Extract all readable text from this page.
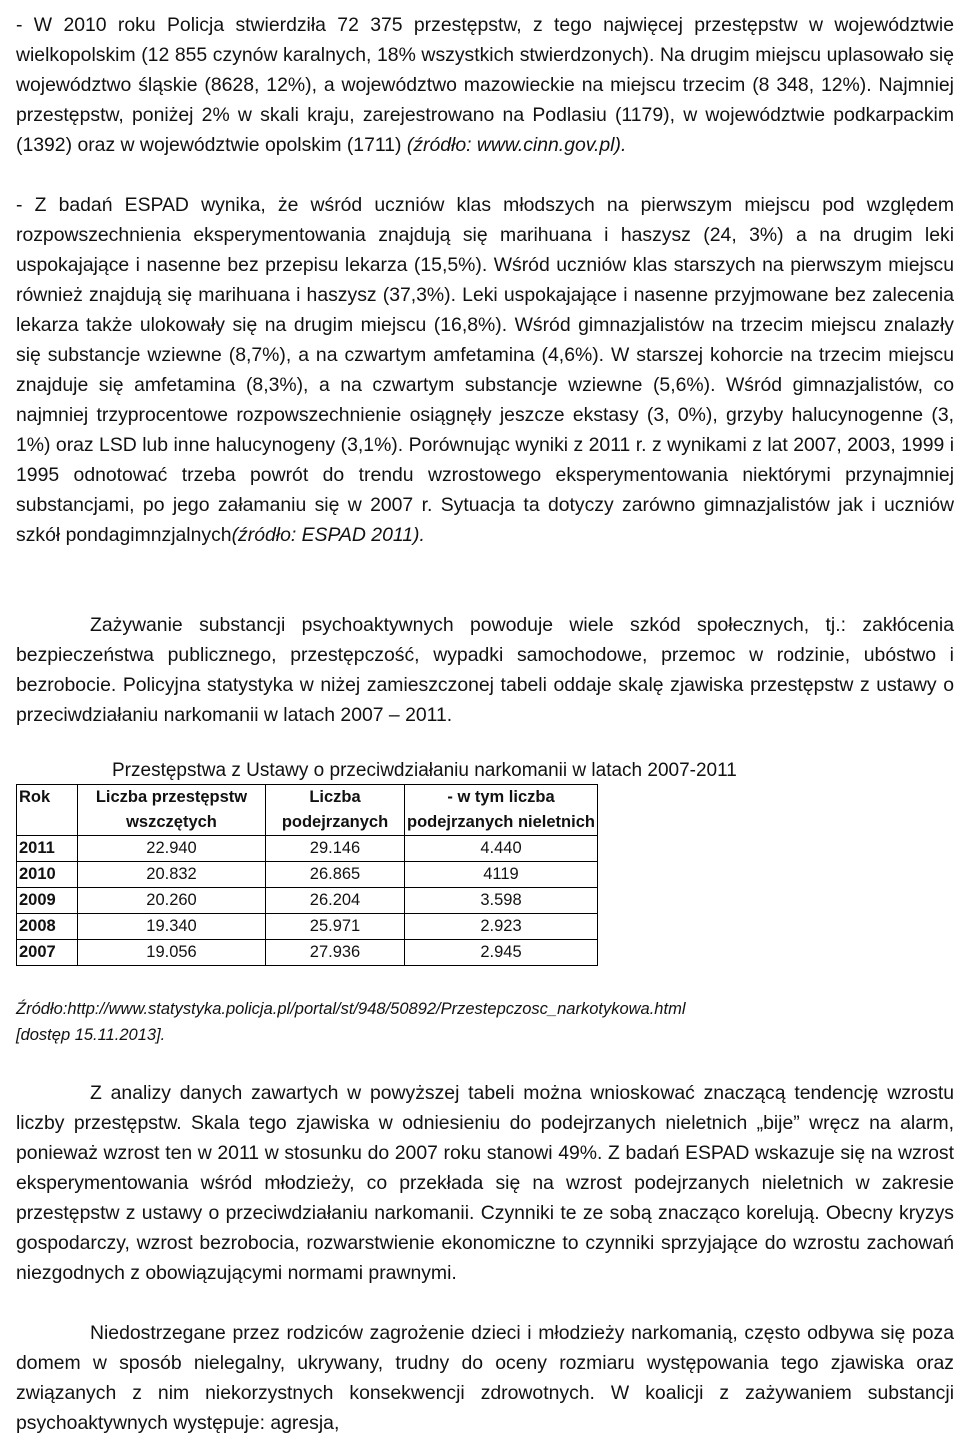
- W 2010 roku Policja stwierdziła 72 375 przestępstw, z tego najwięcej przestępstw w województwie wielkopolskim (12 855 czynów karalnych, 18% wszystkich stwierdzonych). Na drugim miejscu uplasowało się województwo śląskie (8628, 12%), a województwo mazowieckie na miejscu trzecim (8 348, 12%). Najmniej przestępstw, poniżej 2% w skali kraju, zarejestrowano na Podlasiu (1179), w województwie podkarpackim (1392) oraz w województwie opolskim (1711) (źródło: www.cinn.gov.pl).

- Z badań ESPAD wynika, że wśród uczniów klas młodszych na pierwszym miejscu pod względem rozpowszechnienia eksperymentowania znajdują się marihuana i haszysz (24, 3%) a na drugim leki uspokajające i nasenne bez przepisu lekarza (15,5%). Wśród uczniów klas starszych na pierwszym miejscu również znajdują się marihuana i haszysz (37,3%). Leki uspokajające i nasenne przyjmowane bez zalecenia lekarza także ulokowały się na drugim miejscu (16,8%). Wśród gimnazjalistów na trzecim miejscu znalazły się substancje wziewne (8,7%), a na czwartym amfetamina (4,6%). W starszej kohorcie na trzecim miejscu znajduje się amfetamina (8,3%), a na czwartym substancje wziewne (5,6%). Wśród gimnazjalistów, co najmniej trzyprocentowe rozpowszechnienie osiągnęły jeszcze ekstasy (3, 0%), grzyby halucynogenne (3, 1%) oraz LSD lub inne halucynogeny (3,1%). Porównując wyniki z 2011 r. z wynikami z lat 2007, 2003, 1999 i 1995 odnotować trzeba powrót do trendu wzrostowego eksperymentowania niektórymi przynajmniej substancjami, po jego załamaniu się w 2007 r. Sytuacja ta dotyczy zarówno gimnazjalistów jak i uczniów szkół pondagimnzjalnych(źródło: ESPAD 2011).

Zażywanie substancji psychoaktywnych powoduje wiele szkód społecznych, tj.: zakłócenia bezpieczeństwa publicznego, przestępczość, wypadki samochodowe, przemoc w rodzinie, ubóstwo i bezrobocie. Policyjna statystyka w niżej zamieszczonej tabeli oddaje skalę zjawiska przestępstw z ustawy o przeciwdziałaniu narkomanii w latach 2007 – 2011.

Przestępstwa z Ustawy o przeciwdziałaniu narkomanii w latach 2007-2011
Rok	Liczba przestępstw wszczętych	Liczba podejrzanych	- w tym liczba podejrzanych nieletnich
2011	22.940	29.146	4.440
2010	20.832	26.865	4119
2009	20.260	26.204	3.598
2008	19.340	25.971	2.923
2007	19.056	27.936	2.945
Źródło:http://www.statystyka.policja.pl/portal/st/948/50892/Przestepczosc_narkotykowa.html
[dostęp 15.11.2013].

Z analizy danych zawartych w powyższej tabeli można wnioskować znaczącą tendencję wzrostu liczby przestępstw. Skala tego zjawiska w odniesieniu do podejrzanych nieletnich „bije” wręcz na alarm, ponieważ wzrost ten w 2011 w stosunku do 2007 roku stanowi 49%. Z badań ESPAD wskazuje się na wzrost eksperymentowania wśród młodzieży, co przekłada się na wzrost podejrzanych nieletnich w zakresie przestępstw z ustawy o przeciwdziałaniu narkomanii. Czynniki te ze sobą znacząco korelują. Obecny kryzys gospodarczy, wzrost bezrobocia, rozwarstwienie ekonomiczne to czynniki sprzyjające do wzrostu zachowań niezgodnych z obowiązującymi normami prawnymi.

Niedostrzegane przez rodziców zagrożenie dzieci i młodzieży narkomanią, często odbywa się poza domem w sposób nielegalny, ukrywany, trudny do oceny rozmiaru występowania tego zjawiska oraz związanych z nim niekorzystnych konsekwencji zdrowotnych. W koalicji z zażywaniem substancji psychoaktywnych występuje: agresja,
